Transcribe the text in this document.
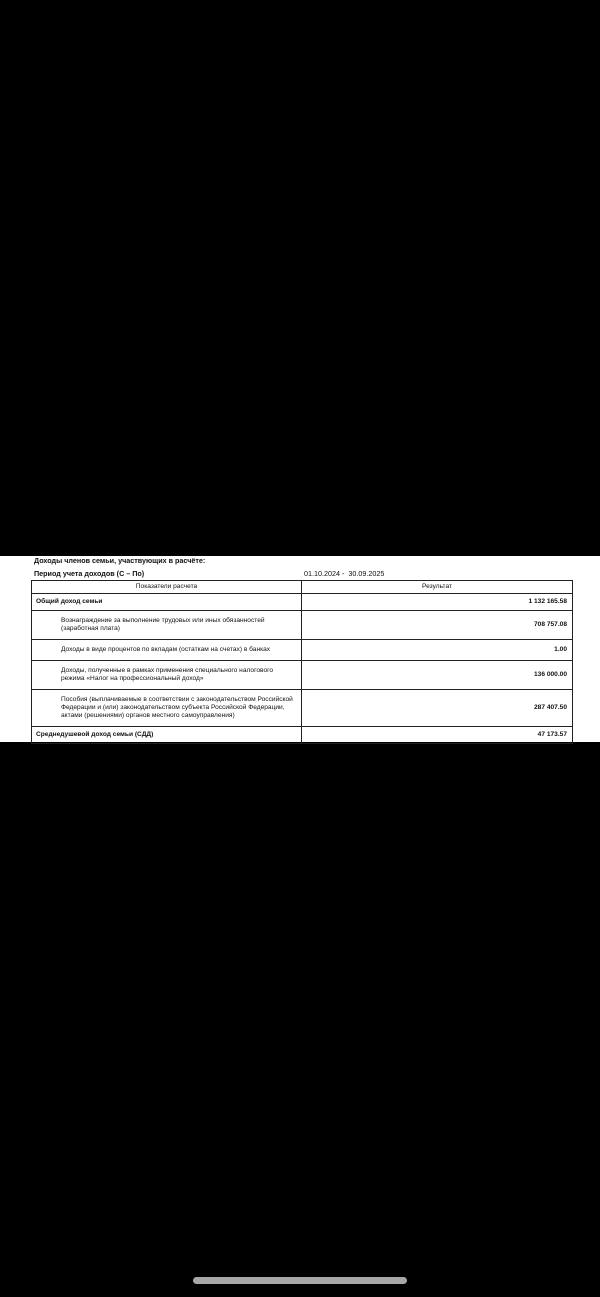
Доходы членов семьи, участвующих в расчёте:
Период учета доходов (С – По)	01.10.2024 -  30.09.2025
Показатели расчета	Результат
Общий доход семьи	1 132 165.58
Вознаграждение за выполнение трудовых или иных обязанностей (заработная плата)	708 757.08
Доходы в виде процентов по вкладам (остаткам на счетах) в банках	1.00
Доходы, полученные в рамках применения специального налогового режима «Налог на профессиональный доход»	136 000.00
Пособия (выплачиваемые в соответствии с законодательством Российской Федерации и (или) законодательством субъекта Российской Федерации, актами (решениями) органов местного самоуправления)	287 407.50
Среднедушевой доход семьи (СДД)	47 173.57
